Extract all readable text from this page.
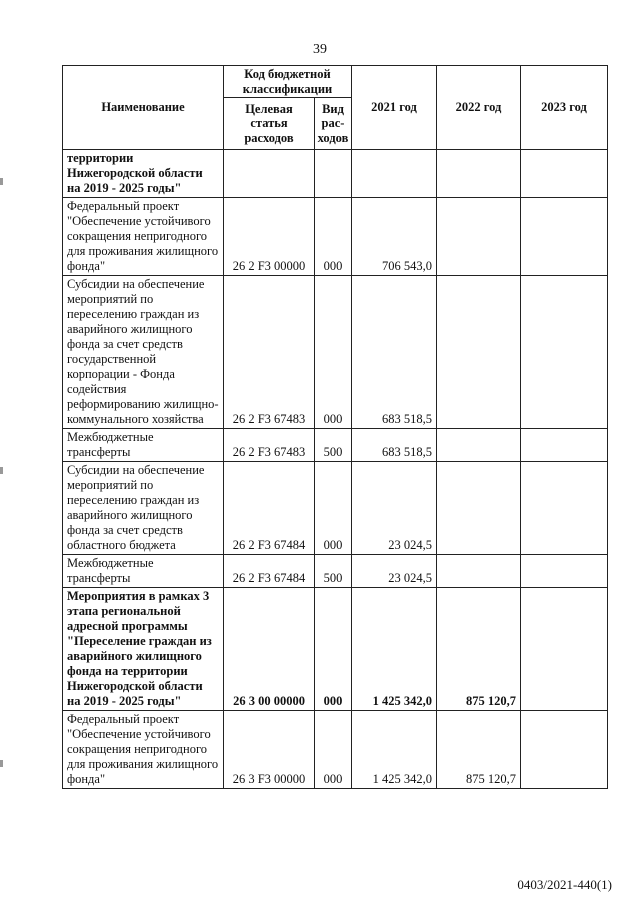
39
Наименование	Код бюджетной классификации		2021 год	2022 год	2023 год
	Целевая статья расходов	Вид рас-ходов			
территории Нижегородской области на 2019 - 2025 годы"					
Федеральный проект "Обеспечение устойчивого сокращения непригодного для проживания жилищного фонда"	26 2 F3 00000	000	706 543,0		
Субсидии на обеспечение мероприятий по переселению граждан из аварийного жилищного фонда за счет средств государственной корпорации - Фонда содействия реформированию жилищно-коммунального хозяйства	26 2 F3 67483	000	683 518,5		
Межбюджетные трансферты	26 2 F3 67483	500	683 518,5		
Субсидии на обеспечение мероприятий по переселению граждан из аварийного жилищного фонда за счет средств областного бюджета	26 2 F3 67484	000	23 024,5		
Межбюджетные трансферты	26 2 F3 67484	500	23 024,5		
Мероприятия в рамках 3 этапа региональной адресной программы "Переселение граждан из аварийного жилищного фонда на территории Нижегородской области на 2019 - 2025 годы"	26 3 00 00000	000	1 425 342,0	875 120,7	
Федеральный проект "Обеспечение устойчивого сокращения непригодного для проживания жилищного фонда"	26 3 F3 00000	000	1 425 342,0	875 120,7	
0403/2021-440(1)
